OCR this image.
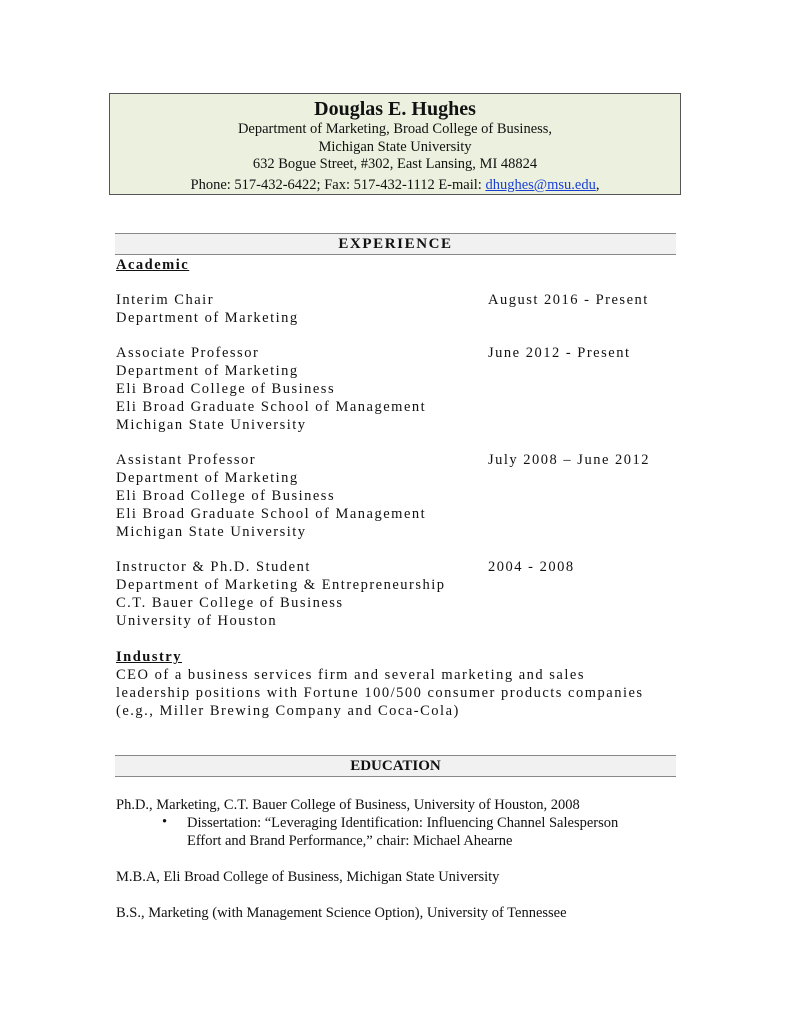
Douglas E. Hughes
Department of Marketing, Broad College of Business,
Michigan State University
632 Bogue Street, #302, East Lansing, MI 48824
Phone: 517-432-6422; Fax: 517-432-1112 E-mail: dhughes@msu.edu,
EXPERIENCE
Academic
Interim Chair	August 2016 - Present
Department of Marketing
Associate Professor	June 2012 - Present
Department of Marketing
Eli Broad College of Business
Eli Broad Graduate School of Management
Michigan State University
Assistant Professor	July 2008 – June 2012
Department of Marketing
Eli Broad College of Business
Eli Broad Graduate School of Management
Michigan State University
Instructor & Ph.D. Student	2004 - 2008
Department of Marketing & Entrepreneurship
C.T. Bauer College of Business
University of Houston
Industry
CEO of a business services firm and several marketing and sales
leadership positions with Fortune 100/500 consumer products companies
(e.g., Miller Brewing Company and Coca-Cola)
EDUCATION
Ph.D., Marketing, C.T. Bauer College of Business, University of Houston, 2008
• Dissertation: “Leveraging Identification: Influencing Channel Salesperson
Effort and Brand Performance,” chair: Michael Ahearne
M.B.A, Eli Broad College of Business, Michigan State University
B.S., Marketing (with Management Science Option), University of Tennessee
